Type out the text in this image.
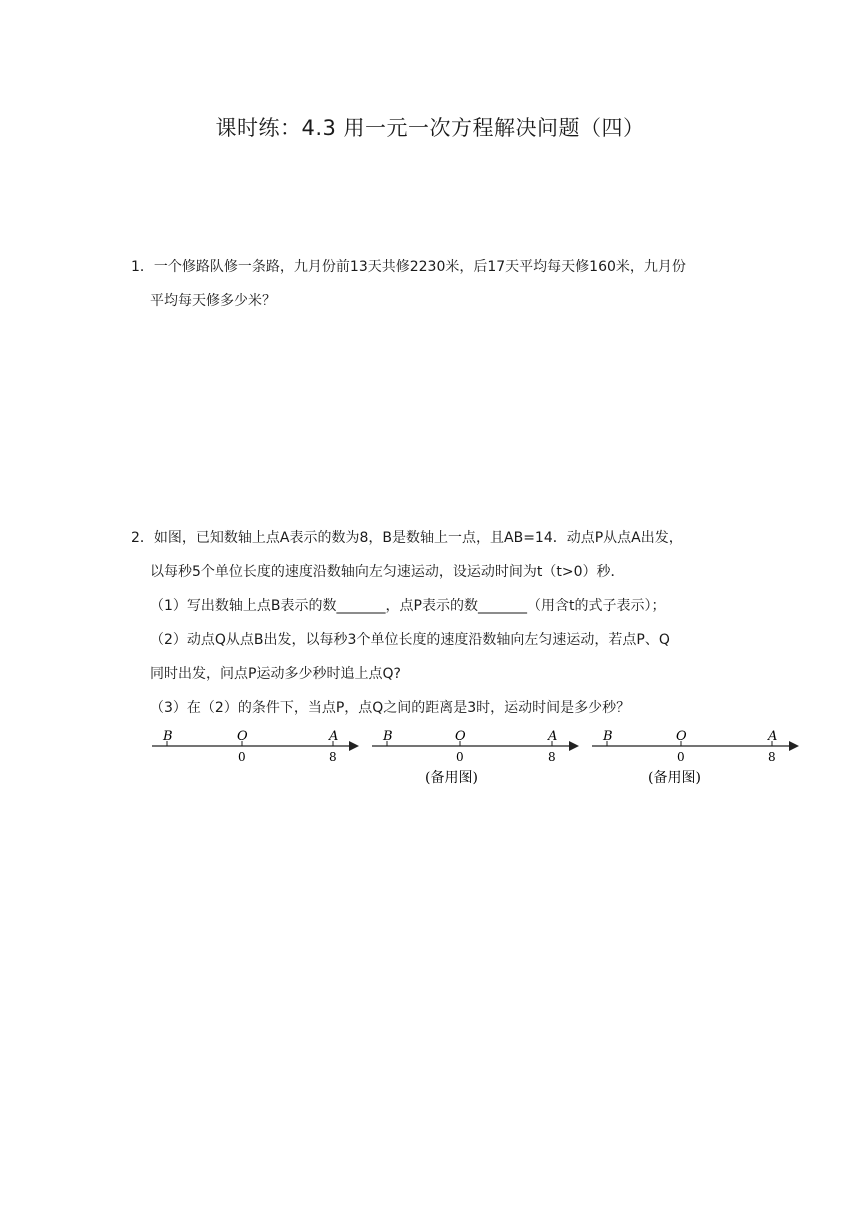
课时练：4.3 用一元一次方程解决问题（四）
1．一个修路队修一条路，九月份前13天共修2230米，后17天平均每天修160米，九月份
平均每天修多少米？
2．如图，已知数轴上点A表示的数为8，B是数轴上一点，且AB=14．动点P从点A出发，
以每秒5个单位长度的速度沿数轴向左匀速运动，设运动时间为t（t>0）秒．
（1）写出数轴上点B表示的数_______，点P表示的数_______（用含t的式子表示）；
（2）动点Q从点B出发，以每秒3个单位长度的速度沿数轴向左匀速运动，若点P、Q
同时出发，问点P运动多少秒时追上点Q?
（3）在（2）的条件下，当点P，点Q之间的距离是3时，运动时间是多少秒？
B	O	A
0	8
B	O	A
0	8
(备用图)
B	O	A
0	8
(备用图)
